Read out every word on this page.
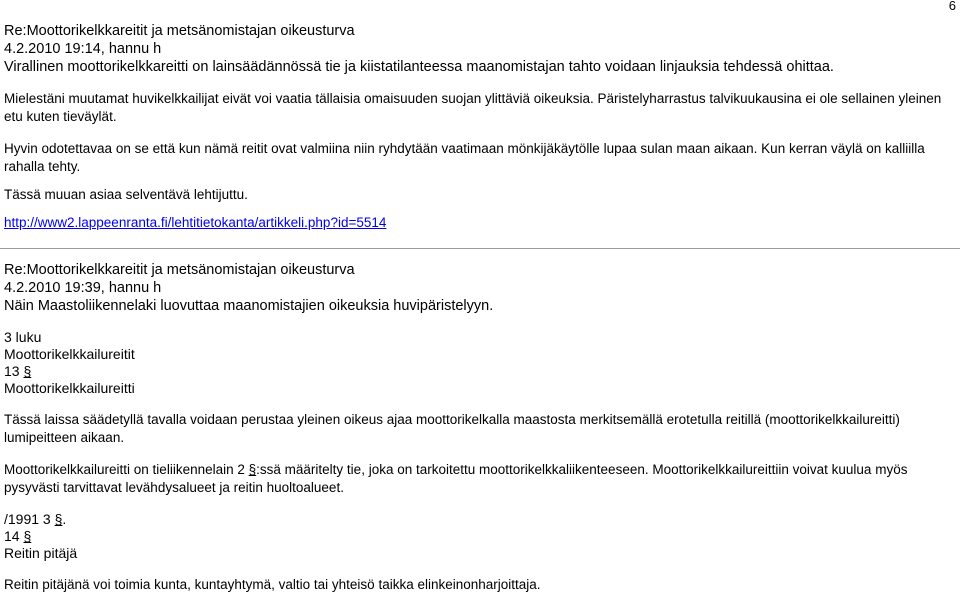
6
Re:Moottorikelkkareitit ja metsänomistajan oikeusturva
4.2.2010 19:14, hannu h
Virallinen moottorikelkkareitti on lainsäädännössä tie ja kiistatilanteessa maanomistajan tahto voidaan linjauksia tehdessä ohittaa.

Mielestäni muutamat huvikelkkailijat eivät voi vaatia tällaisia omaisuuden suojan ylittäviä oikeuksia. Päristelyharrastus talvikuukausina ei ole sellainen yleinen etu kuten tieväylät.

Hyvin odotettavaa on se että kun nämä reitit ovat valmiina niin ryhdytään vaatimaan mönkijäkäytölle lupaa sulan maan aikaan. Kun kerran väylä on kalliilla rahalla tehty.

Tässä muuan asiaa selventävä lehtijuttu.

http://www2.lappeenranta.fi/lehtitietokanta/artikkeli.php?id=5514
Re:Moottorikelkkareitit ja metsänomistajan oikeusturva
4.2.2010 19:39, hannu h
Näin Maastoliikennelaki luovuttaa maanomistajien oikeuksia huvipäristelyyn.
3 luku
Moottorikelkkailureitit
13 §
Moottorikelkkailureitti

Tässä laissa säädetyllä tavalla voidaan perustaa yleinen oikeus ajaa moottorikelkalla maastosta merkitsemällä erotetulla reitillä (moottorikelkkailureitti) lumipeitteen aikaan.

Moottorikelkkailureitti on tieliikennelain 2 §:ssä määritelty tie, joka on tarkoitettu moottorikelkkaliikenteeseen. Moottorikelkkailureittiin voivat kuulua myös pysyvästi tarvittavat levähdysalueet ja reitin huoltoalueet.

/1991 3 §.
14 §
Reitin pitäjä

Reitin pitäjänä voi toimia kunta, kuntayhtymä, valtio tai yhteisö taikka elinkeinonharjoittaja.
